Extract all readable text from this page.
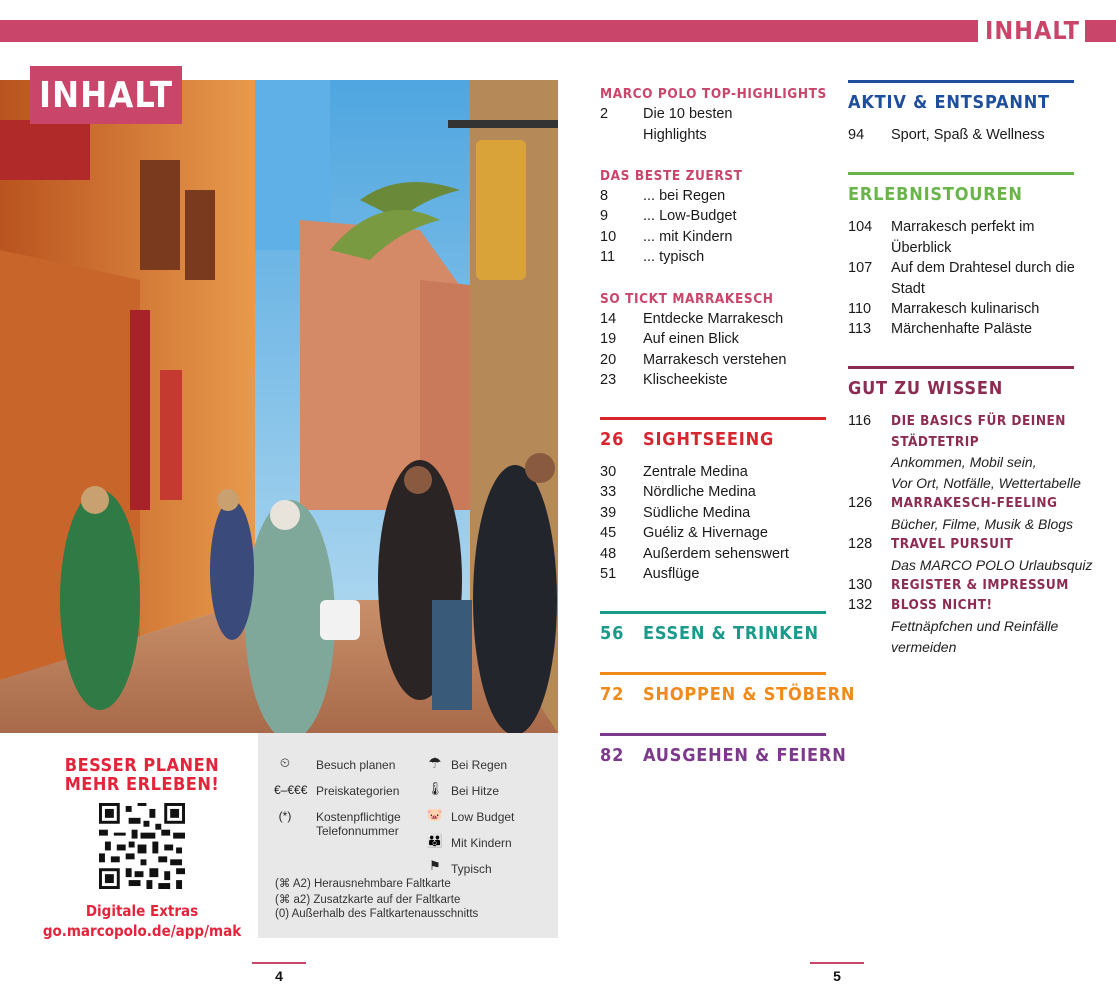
INHALT
INHALT
BESSER PLANEN
MEHR ERLEBEN!
Digitale Extras
go.marcopolo.de/app/mak
⏲	Besuch planen
€–€€€ Preiskategorien
(*)	Kostenpflichtige
Telefonnummer
☂ Bei Regen
🌡 Bei Hitze
🐷 Low Budget
👪 Mit Kindern
⚑ Typisch
(⌘ A2) Herausnehmbare Faltkarte
(⌘ a2) Zusatzkarte auf der Faltkarte
(0) Außerhalb des Faltkartenausschnitts
4	5
MARCO POLO TOP-HIGHLIGHTS
2 Die 10 besten
Highlights
DAS BESTE ZUERST
8 ... bei Regen
9 ... Low-Budget
10 ... mit Kindern
11 ... typisch
SO TICKT MARRAKESCH
14 Entdecke Marrakesch
19 Auf einen Blick
20 Marrakesch verstehen
23 Klischeekiste
26 SIGHTSEEING
30 Zentrale Medina
33 Nördliche Medina
39 Südliche Medina
45 Guéliz & Hivernage
48 Außerdem sehenswert
51 Ausflüge
56 ESSEN & TRINKEN
72 SHOPPEN & STÖBERN
82 AUSGEHEN & FEIERN
AKTIV & ENTSPANNT
94 Sport, Spaß & Wellness
ERLEBNISTOUREN
104 Marrakesch perfekt im
Überblick
107 Auf dem Drahtesel durch die
Stadt
110 Marrakesch kulinarisch
113 Märchenhafte Paläste
GUT ZU WISSEN
116 DIE BASICS FÜR DEINEN
STÄDTETRIP
Ankommen, Mobil sein,
Vor Ort, Notfälle, Wettertabelle
126 MARRAKESCH-FEELING
Bücher, Filme, Musik & Blogs
128 TRAVEL PURSUIT
Das MARCO POLO Urlaubsquiz
130 REGISTER & IMPRESSUM
132 BLOSS NICHT!
Fettnäpfchen und Reinfälle
vermeiden
